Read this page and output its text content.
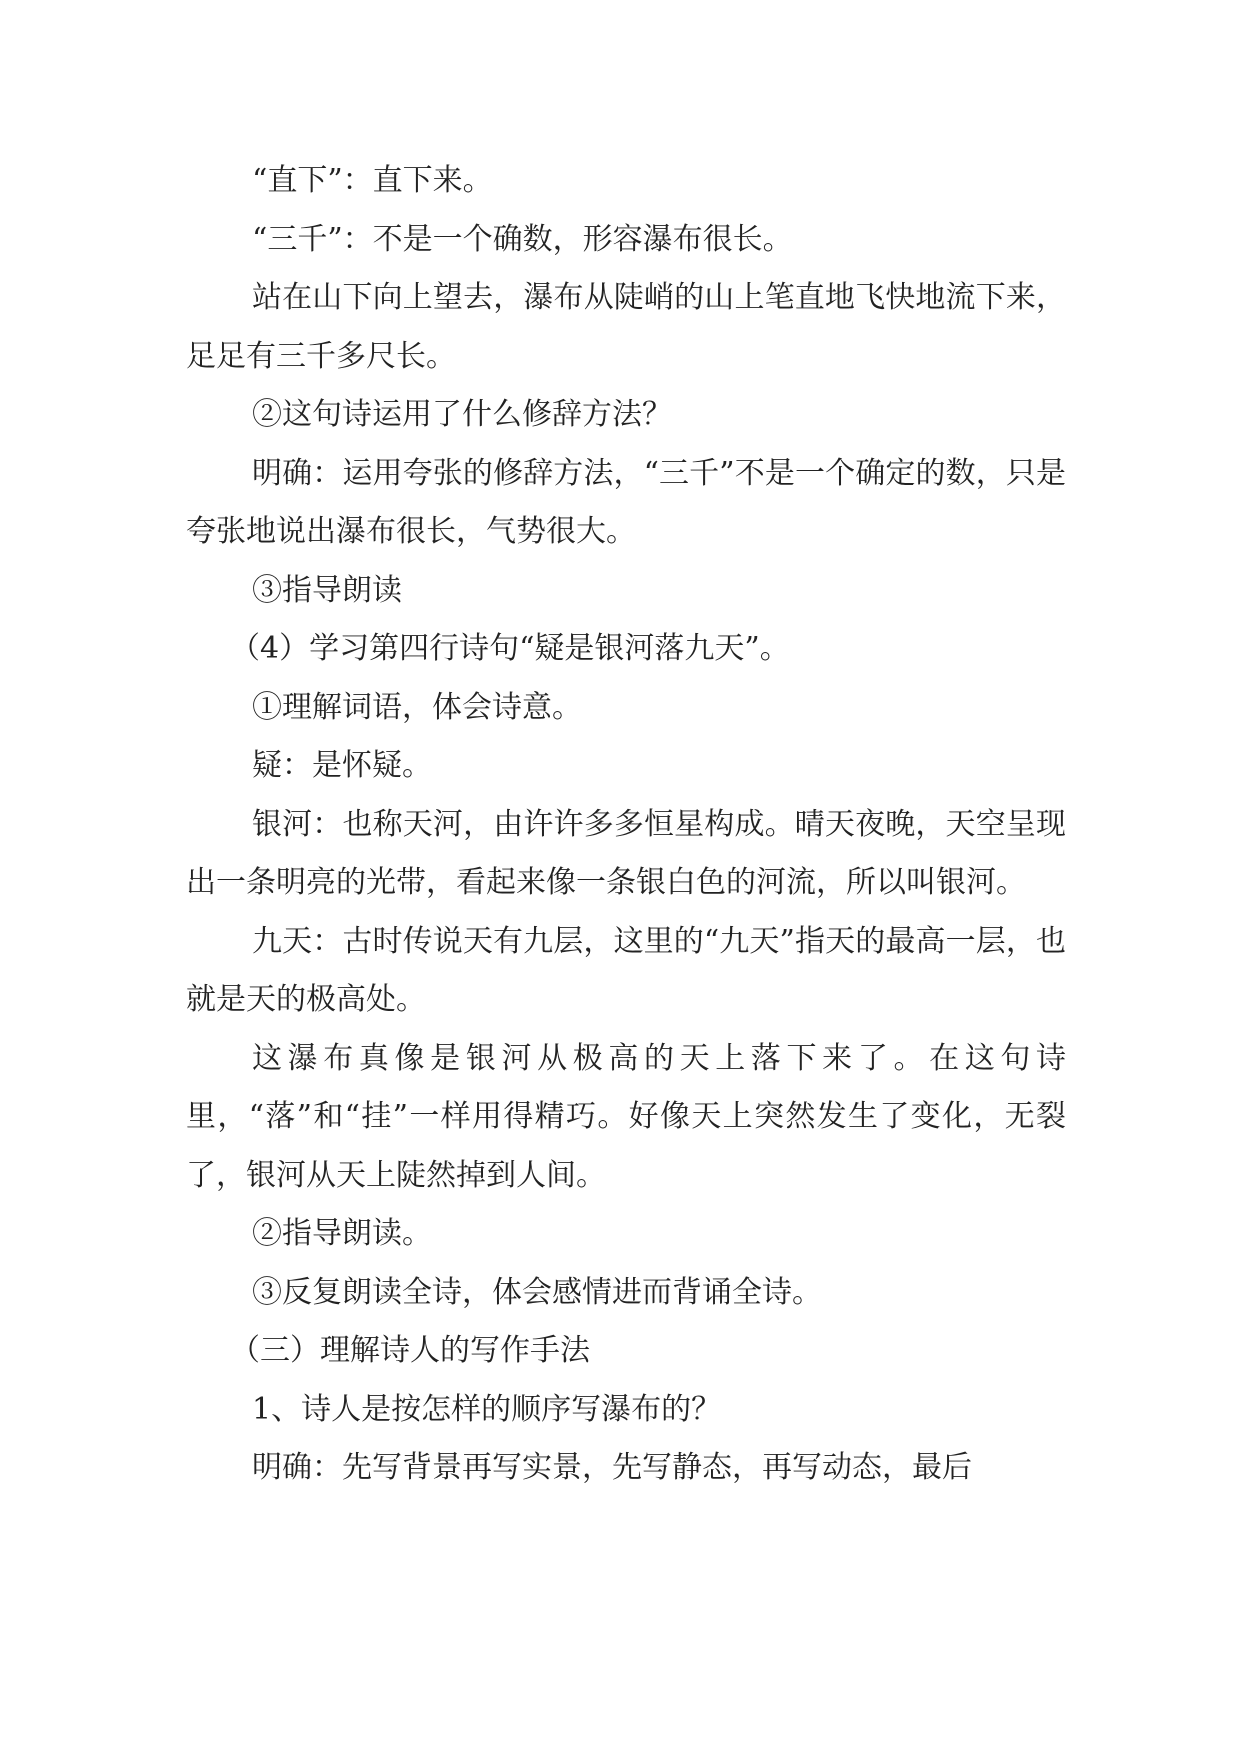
“直下”：直下来。

“三千”：不是一个确数，形容瀑布很长。

站在山下向上望去，瀑布从陡峭的山上笔直地飞快地流下来，足足有三千多尺长。

②这句诗运用了什么修辞方法？

明确：运用夸张的修辞方法，“三千”不是一个确定的数，只是夸张地说出瀑布很长，气势很大。

③指导朗读

（4）学习第四行诗句“疑是银河落九天”。

①理解词语，体会诗意。

疑：是怀疑。

银河：也称天河，由许许多多恒星构成。晴天夜晚，天空呈现出一条明亮的光带，看起来像一条银白色的河流，所以叫银河。

九天：古时传说天有九层，这里的“九天”指天的最高一层，也就是天的极高处。

这瀑布真像是银河从极高的天上落下来了。在这句诗里，“落”和“挂”一样用得精巧。好像天上突然发生了变化，无裂了，银河从天上陡然掉到人间。

②指导朗读。

③反复朗读全诗，体会感情进而背诵全诗。

（三）理解诗人的写作手法

1、诗人是按怎样的顺序写瀑布的？

明确：先写背景再写实景，先写静态，再写动态，最后
